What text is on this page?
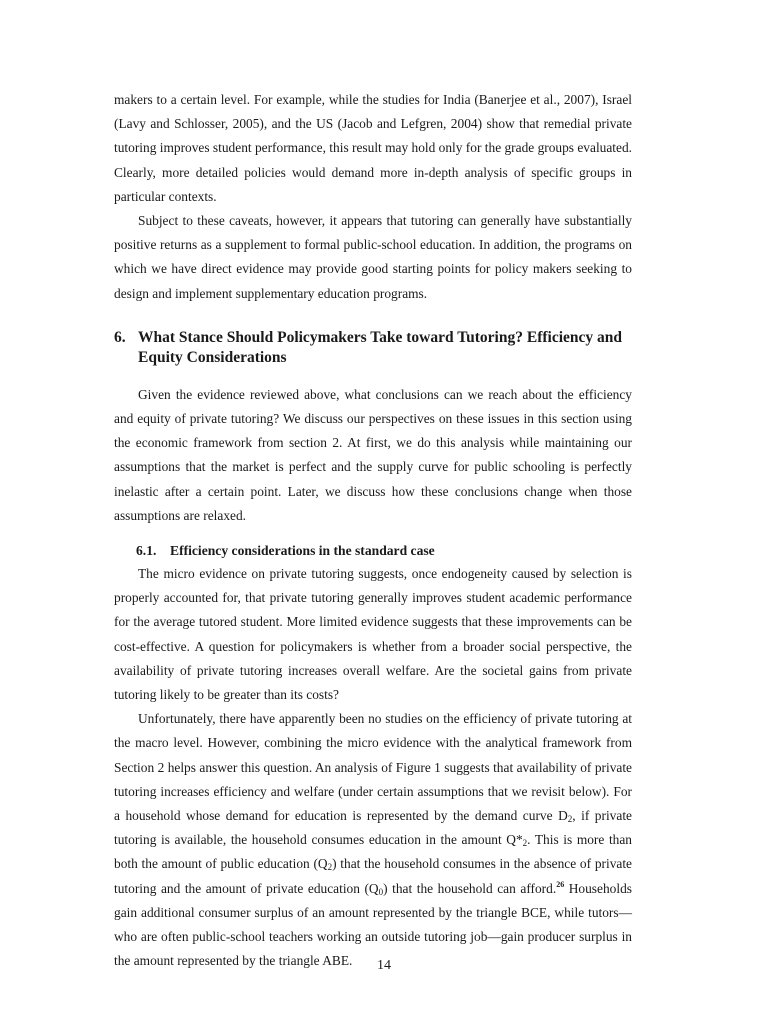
makers to a certain level. For example, while the studies for India (Banerjee et al., 2007), Israel (Lavy and Schlosser, 2005), and the US (Jacob and Lefgren, 2004) show that remedial private tutoring improves student performance, this result may hold only for the grade groups evaluated. Clearly, more detailed policies would demand more in-depth analysis of specific groups in particular contexts.

Subject to these caveats, however, it appears that tutoring can generally have substantially positive returns as a supplement to formal public-school education. In addition, the programs on which we have direct evidence may provide good starting points for policy makers seeking to design and implement supplementary education programs.

6. What Stance Should Policymakers Take toward Tutoring? Efficiency and Equity Considerations

Given the evidence reviewed above, what conclusions can we reach about the efficiency and equity of private tutoring? We discuss our perspectives on these issues in this section using the economic framework from section 2. At first, we do this analysis while maintaining our assumptions that the market is perfect and the supply curve for public schooling is perfectly inelastic after a certain point. Later, we discuss how these conclusions change when those assumptions are relaxed.

6.1. Efficiency considerations in the standard case

The micro evidence on private tutoring suggests, once endogeneity caused by selection is properly accounted for, that private tutoring generally improves student academic performance for the average tutored student. More limited evidence suggests that these improvements can be cost-effective. A question for policymakers is whether from a broader social perspective, the availability of private tutoring increases overall welfare. Are the societal gains from private tutoring likely to be greater than its costs?

Unfortunately, there have apparently been no studies on the efficiency of private tutoring at the macro level. However, combining the micro evidence with the analytical framework from Section 2 helps answer this question. An analysis of Figure 1 suggests that availability of private tutoring increases efficiency and welfare (under certain assumptions that we revisit below). For a household whose demand for education is represented by the demand curve $D_2$, if private tutoring is available, the household consumes education in the amount $Q*_2$. This is more than both the amount of public education $(Q_2)$ that the household consumes in the absence of private tutoring and the amount of private education $(Q_0)$ that the household can afford.$^{26}$ Households gain additional consumer surplus of an amount represented by the triangle BCE, while tutors—who are often public-school teachers working an outside tutoring job—gain producer surplus in the amount represented by the triangle ABE.	14
